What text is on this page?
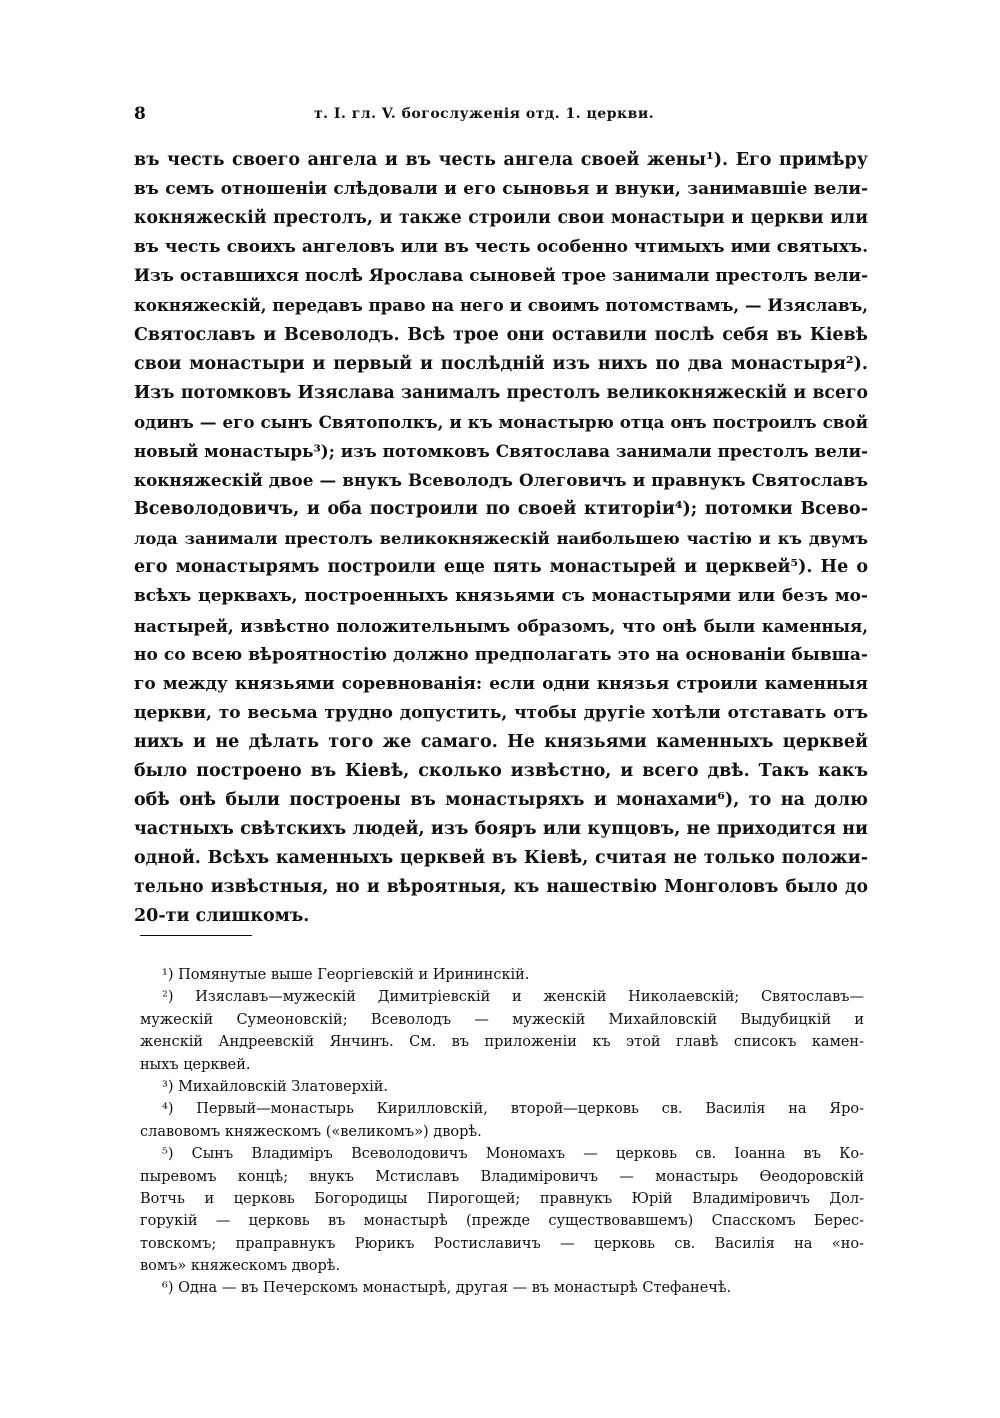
8	т. I. гл. V. богослуженія отд. 1. церкви.
въ честь своего ангела и въ честь ангела своей жены¹). Его примѣру
въ семъ отношеніи слѣдовали и его сыновья и внуки, занимавшіе вели-
кокняжескій престолъ, и также строили свои монастыри и церкви или
въ честь своихъ ангеловъ или въ честь особенно чтимыхъ ими святыхъ.
Изъ оставшихся послѣ Ярослава сыновей трое занимали престолъ вели-
кокняжескій, передавъ право на него и своимъ потомствамъ, — Изяславъ,
Святославъ и Всеволодъ. Всѣ трое они оставили послѣ себя въ Кіевѣ
свои монастыри и первый и послѣдній изъ нихъ по два монастыря²).
Изъ потомковъ Изяслава занималъ престолъ великокняжескій и всего
одинъ — его сынъ Святополкъ, и къ монастырю отца онъ построилъ свой
новый монастырь³); изъ потомковъ Святослава занимали престолъ вели-
кокняжескій двое — внукъ Всеволодъ Олеговичъ и правнукъ Святославъ
Всеволодовичъ, и оба построили по своей ктиторіи⁴); потомки Всево-
лода занимали престолъ великокняжескій наибольшею частію и къ двумъ
его монастырямъ построили еще пять монастырей и церквей⁵). Не о
всѣхъ церквахъ, построенныхъ князьями съ монастырями или безъ мо-
настырей, извѣстно положительнымъ образомъ, что онѣ были каменныя,
но со всею вѣроятностію должно предполагать это на основаніи бывша-
го между князьями соревнованія: если одни князья строили каменныя
церкви, то весьма трудно допустить, чтобы другіе хотѣли отставать отъ
нихъ и не дѣлать того же самаго. Не князьями каменныхъ церквей
было построено въ Кіевѣ, сколько извѣстно, и всего двѣ. Такъ какъ
обѣ онѣ были построены въ монастыряхъ и монахами⁶), то на долю
частныхъ свѣтскихъ людей, изъ бояръ или купцовъ, не приходится ни
одной. Всѣхъ каменныхъ церквей въ Кіевѣ, считая не только положи-
тельно извѣстныя, но и вѣроятныя, къ нашествію Монголовъ было до
20-ти слишкомъ.
¹) Помянутые выше Георгіевскій и Ирининскій.
²) Изяславъ—мужескій Димитріевскій и женскій Николаевскій; Святославъ—
мужескій Сумеоновскій; Всеволодъ — мужескій Михайловскій Выдубицкій и
женскій Андреевскій Янчинъ. См. въ приложеніи къ этой главѣ списокъ камен-
ныхъ церквей.
³) Михайловскій Златоверхій.
⁴) Первый—монастырь Кирилловскій, второй—церковь св. Василія на Яро-
славовомъ княжескомъ («великомъ») дворѣ.
⁵) Сынъ Владиміръ Всеволодовичъ Мономахъ — церковь св. Іоанна въ Ко-
пыревомъ концѣ; внукъ Мстиславъ Владиміровичъ — монастырь Ѳеодоровскій
Вотчь и церковь Богородицы Пирогощей; правнукъ Юрій Владиміровичъ Дол-
горукій — церковь въ монастырѣ (прежде существовавшемъ) Спасскомъ Берес-
товскомъ; праправнукъ Рюрикъ Ростиславичъ — церковь св. Василія на «но-
вомъ» княжескомъ дворѣ.
⁶) Одна — въ Печерскомъ монастырѣ, другая — въ монастырѣ Стефанечѣ.
